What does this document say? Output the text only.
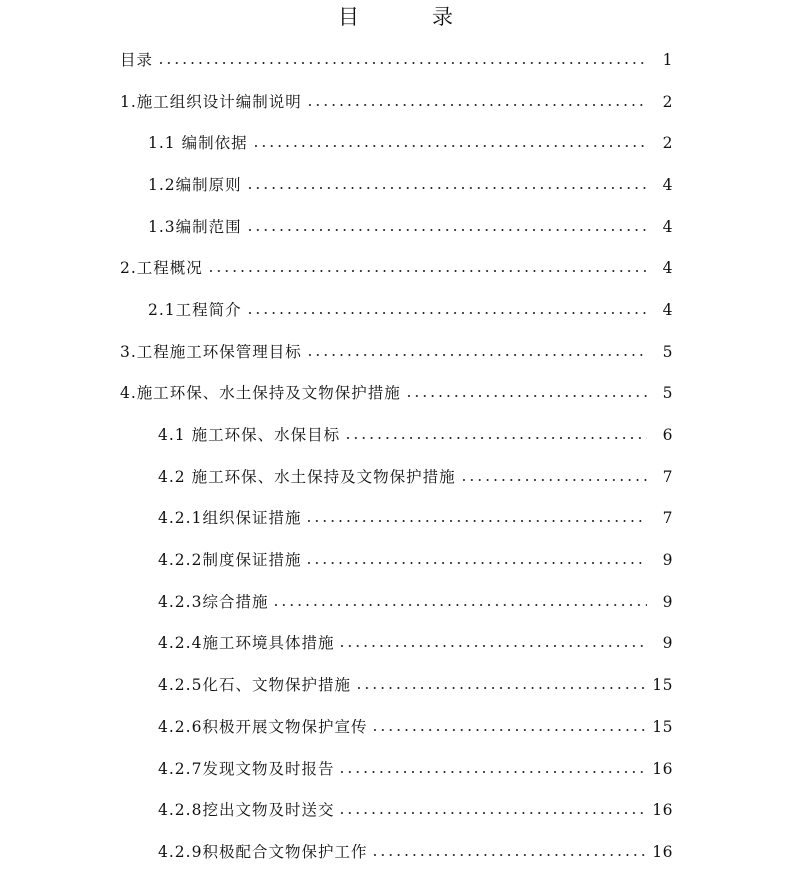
目　录
目录	1
1.施工组织设计编制说明	2
1.1 编制依据	2
1.2编制原则	4
1.3编制范围	4
2.工程概况	4
2.1工程简介	4
3.工程施工环保管理目标	5
4.施工环保、水土保持及文物保护措施	5
4.1 施工环保、水保目标	6
4.2 施工环保、水土保持及文物保护措施	7
4.2.1组织保证措施	7
4.2.2制度保证措施	9
4.2.3综合措施	9
4.2.4施工环境具体措施	9
4.2.5化石、文物保护措施	15
4.2.6积极开展文物保护宣传	15
4.2.7发现文物及时报告	16
4.2.8挖出文物及时送交	16
4.2.9积极配合文物保护工作	16
